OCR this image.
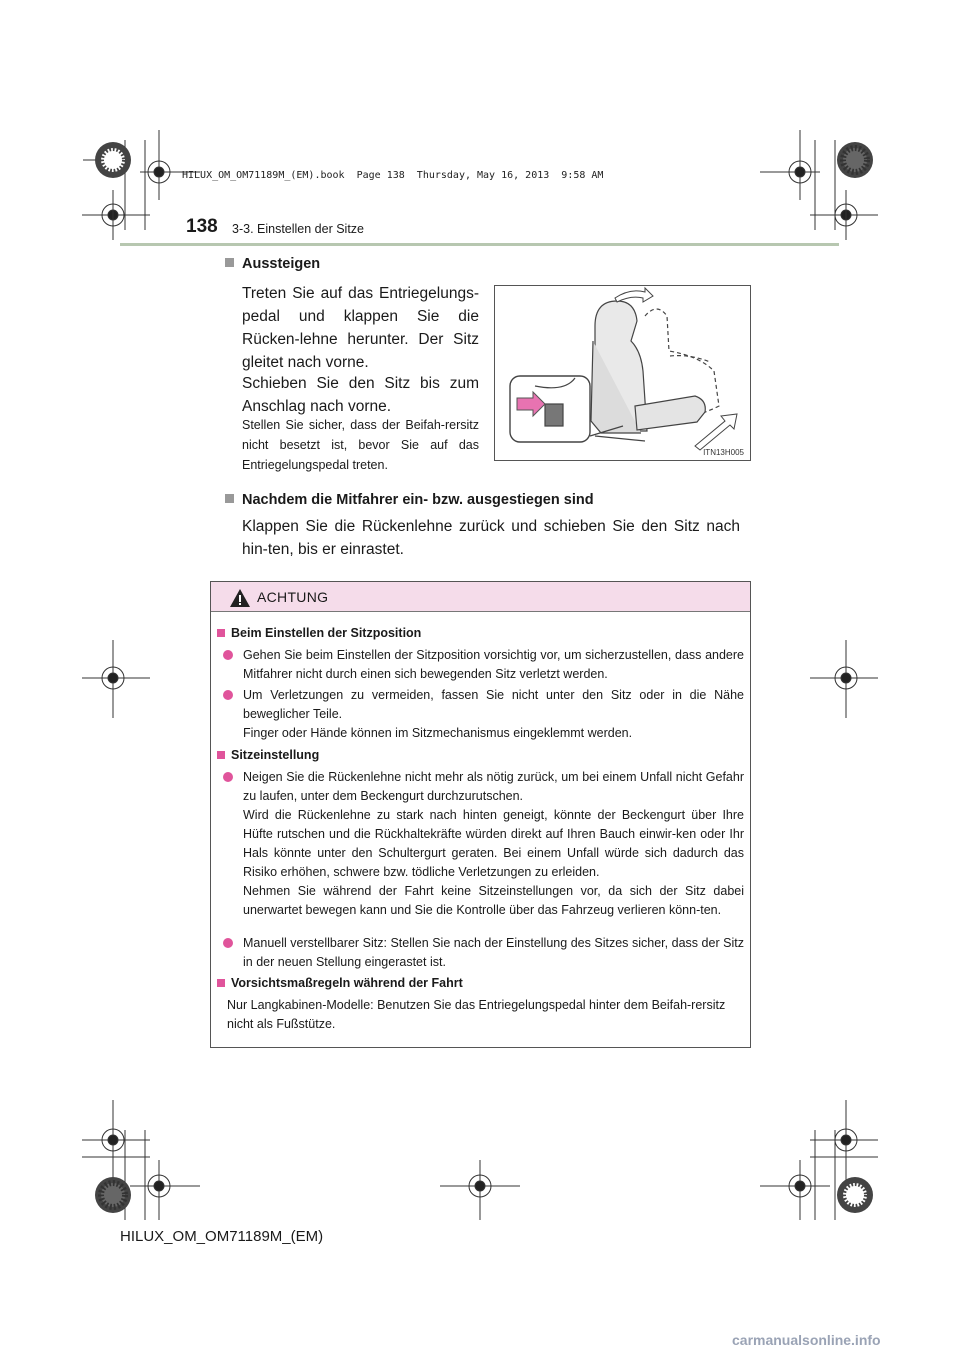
HILUX_OM_OM71189M_(EM).book  Page 138  Thursday, May 16, 2013  9:58 AM
138 3-3. Einstellen der Sitze
Aussteigen
Treten Sie auf das Entriegelungs-pedal und klappen Sie die Rücken-lehne herunter. Der Sitz gleitet nach vorne.
Schieben Sie den Sitz bis zum Anschlag nach vorne.
Stellen Sie sicher, dass der Beifah-rersitz nicht besetzt ist, bevor Sie auf das Entriegelungspedal treten.
ITN13H005
Nachdem die Mitfahrer ein- bzw. ausgestiegen sind
Klappen Sie die Rückenlehne zurück und schieben Sie den Sitz nach hin-ten, bis er einrastet.
ACHTUNG
Beim Einstellen der Sitzposition
Gehen Sie beim Einstellen der Sitzposition vorsichtig vor, um sicherzustellen, dass andere Mitfahrer nicht durch einen sich bewegenden Sitz verletzt werden.
Um Verletzungen zu vermeiden, fassen Sie nicht unter den Sitz oder in die Nähe beweglicher Teile.
Finger oder Hände können im Sitzmechanismus eingeklemmt werden.
Sitzeinstellung
Neigen Sie die Rückenlehne nicht mehr als nötig zurück, um bei einem Unfall nicht Gefahr zu laufen, unter dem Beckengurt durchzurutschen.
Wird die Rückenlehne zu stark nach hinten geneigt, könnte der Beckengurt über Ihre Hüfte rutschen und die Rückhaltekräfte würden direkt auf Ihren Bauch einwir-ken oder Ihr Hals könnte unter den Schultergurt geraten. Bei einem Unfall würde sich dadurch das Risiko erhöhen, schwere bzw. tödliche Verletzungen zu erleiden.
Nehmen Sie während der Fahrt keine Sitzeinstellungen vor, da sich der Sitz dabei unerwartet bewegen kann und Sie die Kontrolle über das Fahrzeug verlieren könn-ten.
Manuell verstellbarer Sitz: Stellen Sie nach der Einstellung des Sitzes sicher, dass der Sitz in der neuen Stellung eingerastet ist.
Vorsichtsmaßregeln während der Fahrt
Nur Langkabinen-Modelle: Benutzen Sie das Entriegelungspedal hinter dem Beifah-rersitz nicht als Fußstütze.
HILUX_OM_OM71189M_(EM)
carmanualsonline.info
